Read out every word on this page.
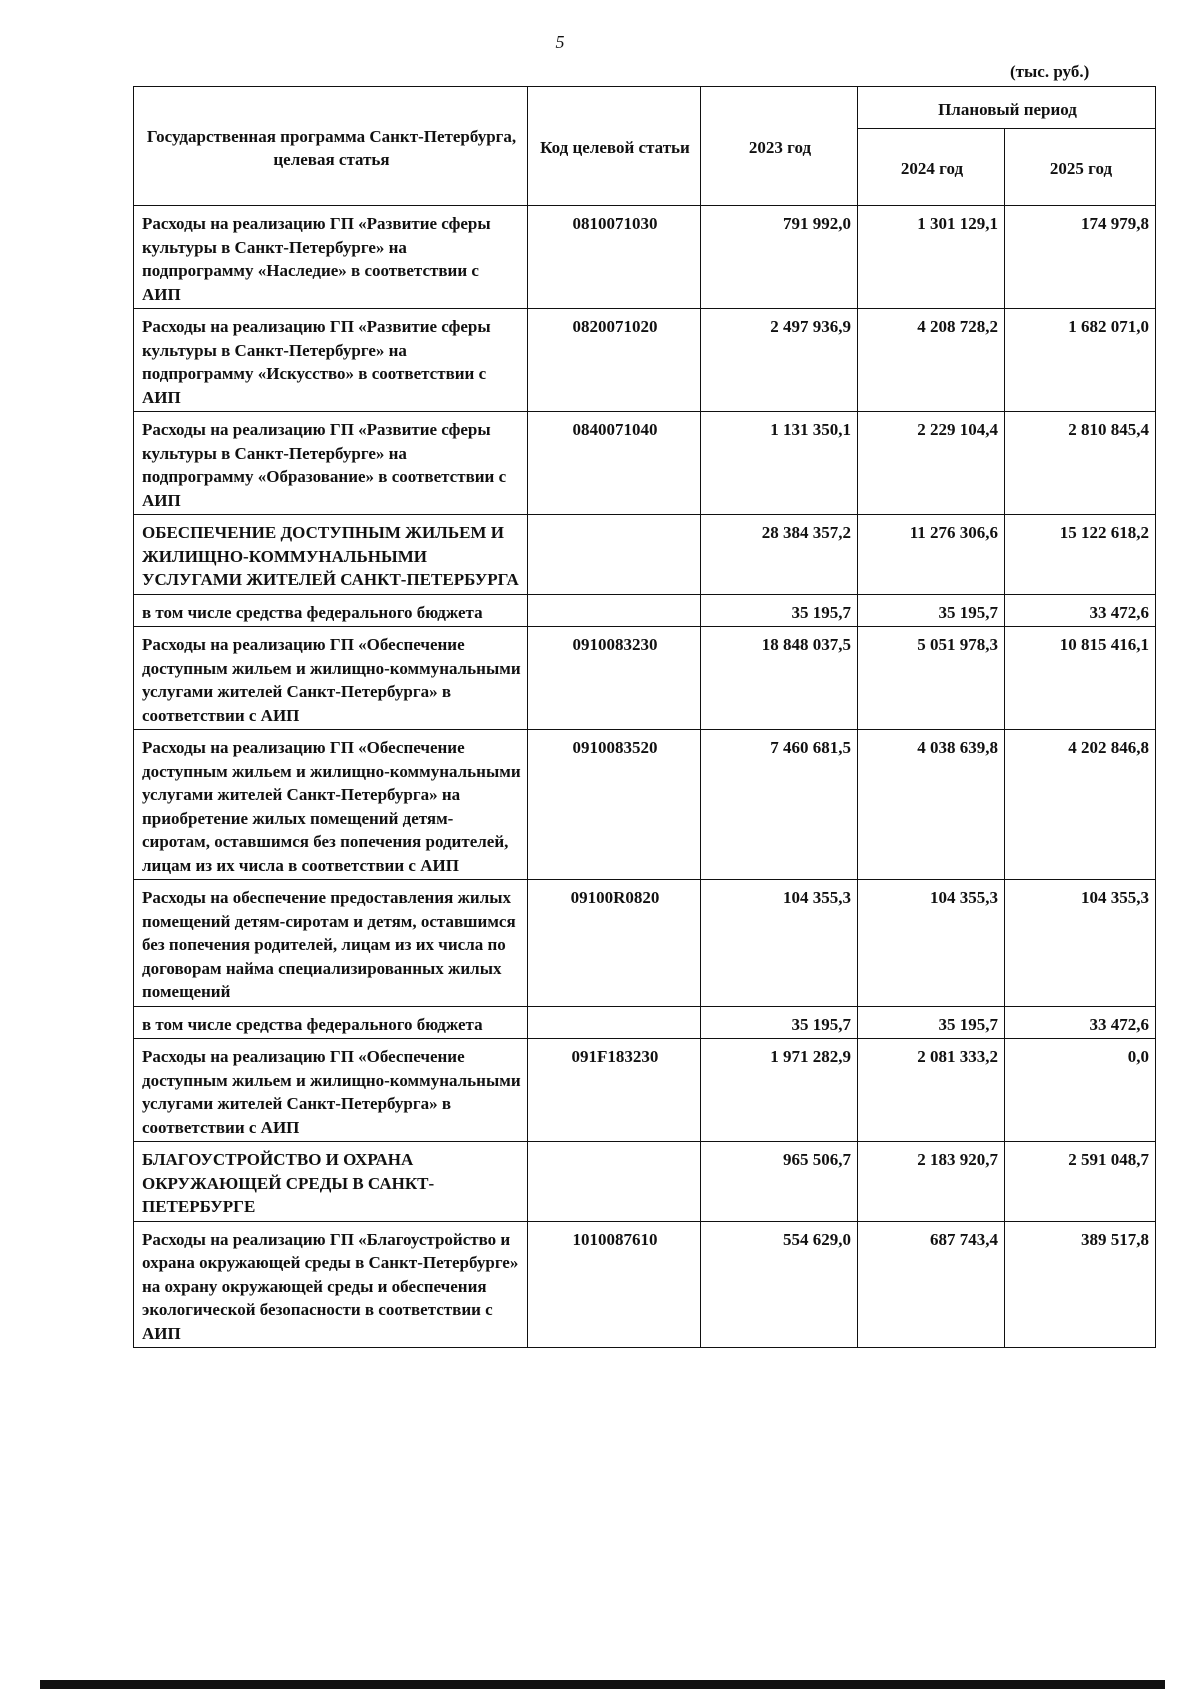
5
(тыс. руб.)
Государственная программа Санкт-Петербурга, целевая статья	Код целевой статьи	2023 год	Плановый период	
			2024 год	2025 год
Расходы на реализацию ГП «Развитие сферы культуры в Санкт-Петербурге» на подпрограмму «Наследие» в соответствии с АИП	0810071030	791 992,0	1 301 129,1	174 979,8
Расходы на реализацию ГП «Развитие сферы культуры в Санкт-Петербурге» на подпрограмму «Искусство» в соответствии с АИП	0820071020	2 497 936,9	4 208 728,2	1 682 071,0
Расходы на реализацию ГП «Развитие сферы культуры в Санкт-Петербурге» на подпрограмму «Образование» в соответствии с АИП	0840071040	1 131 350,1	2 229 104,4	2 810 845,4
ОБЕСПЕЧЕНИЕ ДОСТУПНЫМ ЖИЛЬЕМ И ЖИЛИЩНО-КОММУНАЛЬНЫМИ УСЛУГАМИ ЖИТЕЛЕЙ САНКТ-ПЕТЕРБУРГА		28 384 357,2	11 276 306,6	15 122 618,2
в том числе средства федерального бюджета		35 195,7	35 195,7	33 472,6
Расходы на реализацию ГП «Обеспечение доступным жильем и жилищно-коммунальными услугами жителей Санкт-Петербурга» в соответствии с АИП	0910083230	18 848 037,5	5 051 978,3	10 815 416,1
Расходы на реализацию ГП «Обеспечение доступным жильем и жилищно-коммунальными услугами жителей Санкт-Петербурга» на приобретение жилых помещений детям-сиротам, оставшимся без попечения родителей, лицам из их числа в соответствии с АИП	0910083520	7 460 681,5	4 038 639,8	4 202 846,8
Расходы на обеспечение предоставления жилых помещений детям-сиротам и детям, оставшимся без попечения родителей, лицам из их числа по договорам найма специализированных жилых помещений	09100R0820	104 355,3	104 355,3	104 355,3
в том числе средства федерального бюджета		35 195,7	35 195,7	33 472,6
Расходы на реализацию ГП «Обеспечение доступным жильем и жилищно-коммунальными услугами жителей Санкт-Петербурга» в соответствии с АИП	091F183230	1 971 282,9	2 081 333,2	0,0
БЛАГОУСТРОЙСТВО И ОХРАНА ОКРУЖАЮЩЕЙ СРЕДЫ В САНКТ-ПЕТЕРБУРГЕ		965 506,7	2 183 920,7	2 591 048,7
Расходы на реализацию ГП «Благоустройство и охрана окружающей среды в Санкт-Петербурге» на охрану окружающей среды и обеспечения экологической безопасности в соответствии с АИП	1010087610	554 629,0	687 743,4	389 517,8
